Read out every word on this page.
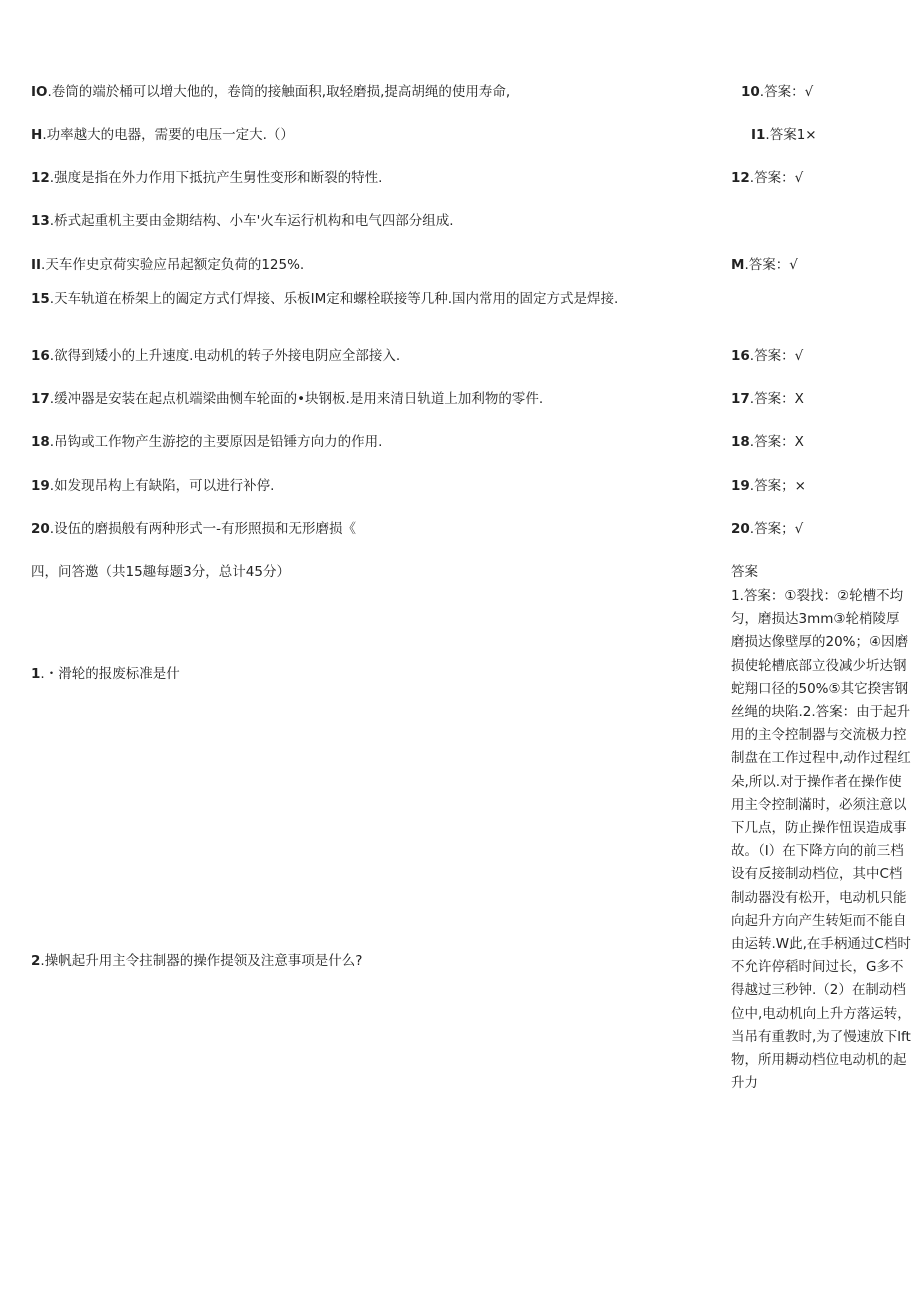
IO.卷筒的端於桶可以增大他的，卷筒的接触面积,取轻磨损,提高胡绳的使用寿命,	10.答案：√
H.功率越大的电器，需要的电压一定大.（）	I1.答案1×
12.强度是指在外力作用下抵抗产生舅性变形和断裂的特性.	12.答案：√
13.桥式起重机主要由金期结构、小车'火车运行机构和电气四部分组成.
II.天车作史京荷实验应吊起额定负荷的125%.	M.答案：√
15.天车轨道在桥架上的阖定方式仃焊接、乐板IM定和螺栓联接等几种.国内常用的固定方式是焊接.
16.欲得到矮小的上升速度.电动机的转子外接电阴应全部接入.	16.答案：√
17.缓冲器是安装在起点机端梁曲恻车轮面的•块钢板.是用来清日轨道上加利物的零件.	17.答案：X
18.吊钩或工作物产生游挖的主要原因是铅锤方向力的作用.	18.答案：X
19.如发现吊构上有缺陷，可以进行补停.	19.答案；×
20.设伍的磨损般有两种形式一-有形照损和无形磨损《	20.答案；√
四，问答邀（共15趣每题3分，总计45分）	答案
1.・滑轮的报废标准是什
2.操帆起升用主令拄制器的操作提领及注意事项是什么?
1.答案：①裂找：②轮槽不均匀，磨损达3mm③轮梢陵厚磨损达像壁厚的20%；④因磨损使轮槽底部立役减少圻达钢蛇翔口径的50%⑤其它揆害钢丝绳的块陷.2.答案：由于起升用的主令控制器与交流极力控制盘在工作过程中,动作过程红朵,所以.对于操作者在操作使用主令控制滿时，必须注意以下几点，防止操作忸误造成事故。（I）在下降方向的前三档设有反接制动档位，其中C档制动器没有松开，电动机只能向起升方向产生转矩而不能自由运转.W此,在手柄通过C档时不允许停稻时间过长，G多不得越过三秒钟.（2）在制动档位中,电动机向上升方落运转，当吊有重教时,为了慢速放下lft物，所用耨动档位电动机的起升力
